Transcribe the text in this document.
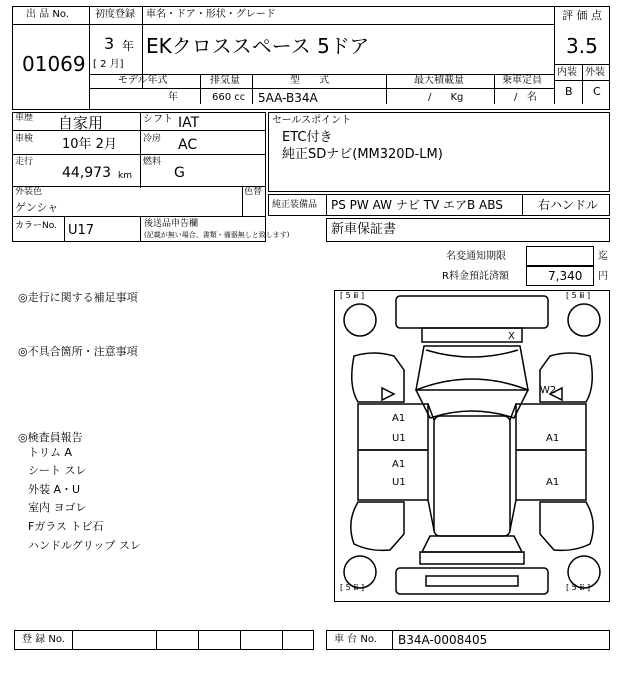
出 品 No.
01069
初度登録
3 年
[ 2 月]
車名・ドア・形状・グレード
EKクロススペース 5ドア
評 価 点
3.5
内装 外装
B C
モデル年式	排気量	型      式	最大積載量	乗車定員
年	660 cc 5AA-B34A	/      Kg	/   名
車歴 自家用	シフト IAT
車検 10年 2月	冷房 AC
走行
44,973 km
燃料
G
外装色
ゲンシャ
色替
カラーNo. U17	後送品申告欄
(記載が無い場合、書類・備器無しと致します)
セールスポイント
ETC付き
純正SDナビ(MM320D-LM)
純正装備品 PS PW AW ナビ TV エアB ABS	右ハンドル
新車保証書
名変通知期限	迄
R料金預託済額	7,340 円
◎走行に関する補足事項
◎不具合箇所・注意事項
◎検査員報告
トリム A
シート スレ
外装 A・U
室内 ヨゴレ
Fガラス トビ石
ハンドルグリップ スレ
[ 5 ⅲ ]	[ 5 ⅲ ]
[ 5 ⅲ ]	[ 5 ⅲ ]
X
W2
A1
U1	A1
A1
U1	A1
登 録 No.	車 台 No. B34A-0008405
